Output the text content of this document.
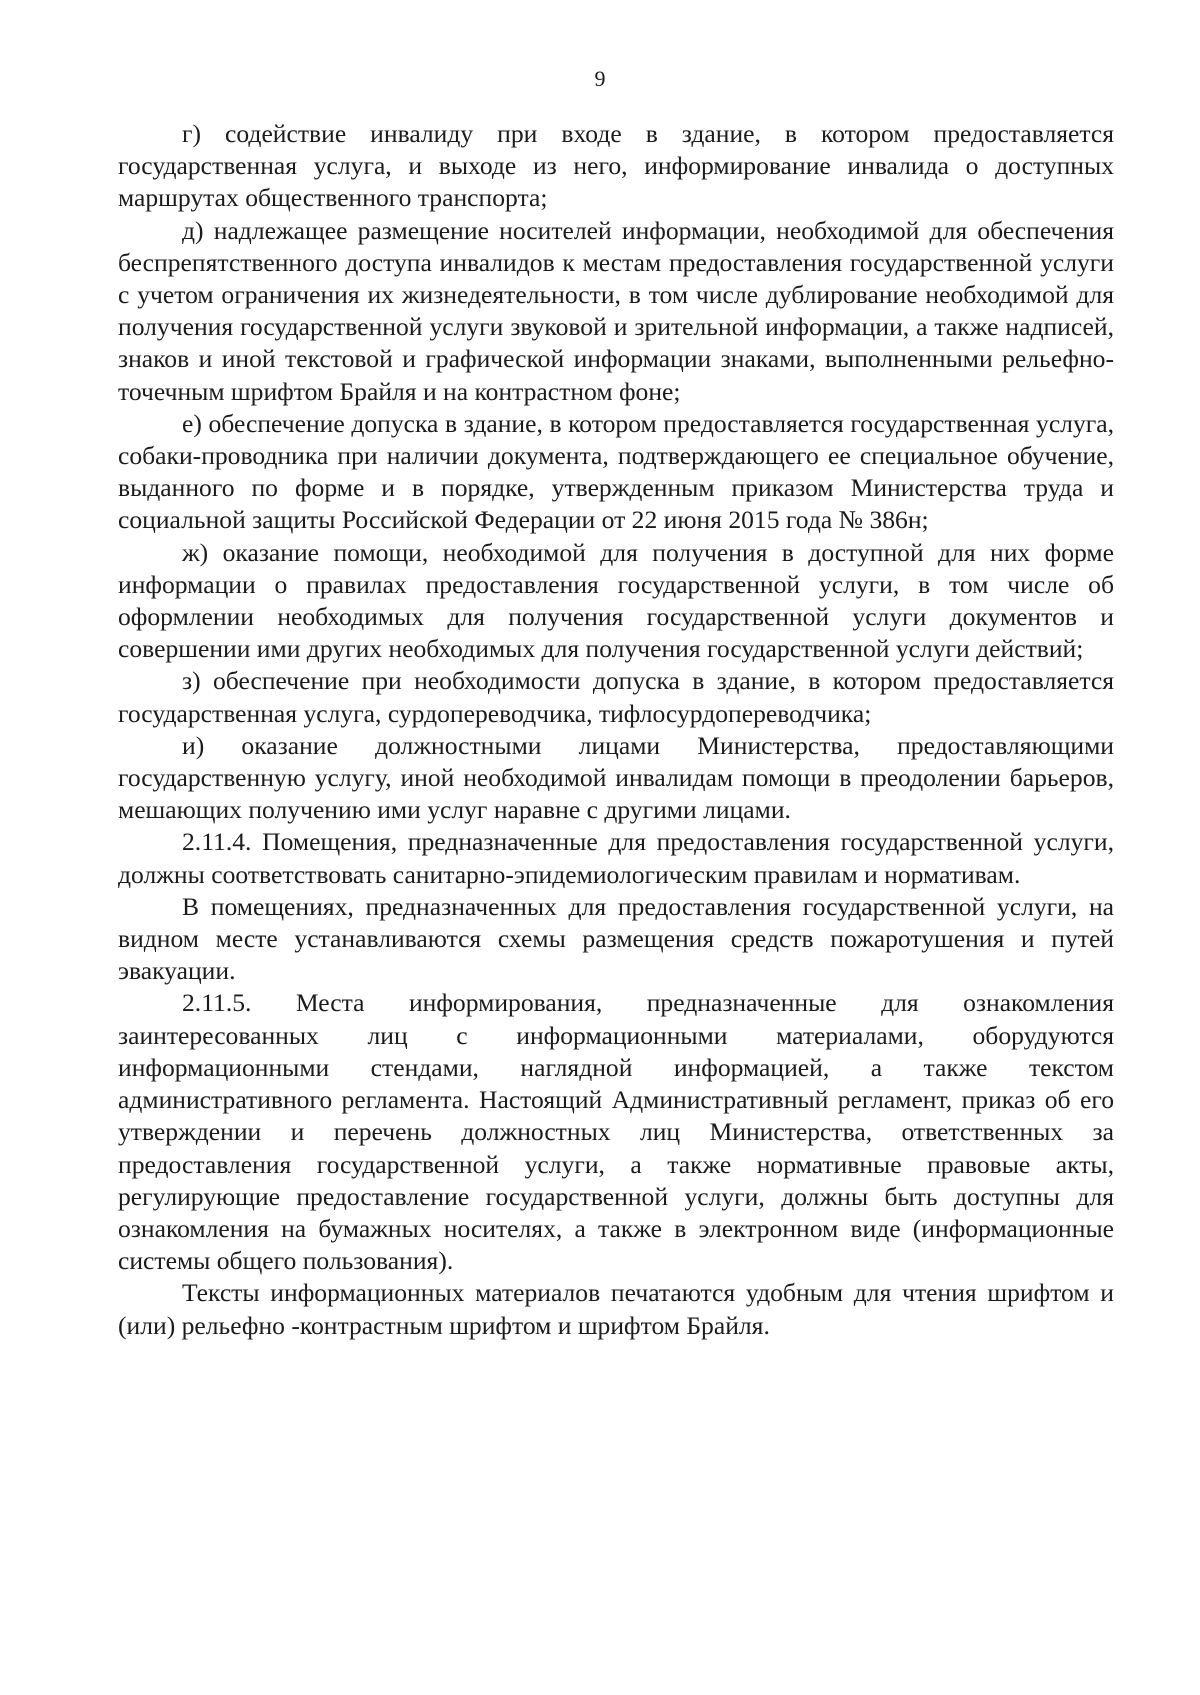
9

г) содействие инвалиду при входе в здание, в котором предоставляется государственная услуга, и выходе из него, информирование инвалида о доступных маршрутах общественного транспорта;

д) надлежащее размещение носителей информации, необходимой для обеспечения беспрепятственного доступа инвалидов к местам предоставления государственной услуги с учетом ограничения их жизнедеятельности, в том числе дублирование необходимой для получения государственной услуги звуковой и зрительной информации, а также надписей, знаков и иной текстовой и графической информации знаками, выполненными рельефно-точечным шрифтом Брайля и на контрастном фоне;

е) обеспечение допуска в здание, в котором предоставляется государственная услуга, собаки-проводника при наличии документа, подтверждающего ее специальное обучение, выданного по форме и в порядке, утвержденным приказом Министерства труда и социальной защиты Российской Федерации от 22 июня 2015 года № 386н;

ж) оказание помощи, необходимой для получения в доступной для них форме информации о правилах предоставления государственной услуги, в том числе об оформлении необходимых для получения государственной услуги документов и совершении ими других необходимых для получения государственной услуги действий;

з) обеспечение при необходимости допуска в здание, в котором предоставляется государственная услуга, сурдопереводчика, тифлосурдопереводчика;

и) оказание должностными лицами Министерства, предоставляющими государственную услугу, иной необходимой инвалидам помощи в преодолении барьеров, мешающих получению ими услуг наравне с другими лицами.

2.11.4. Помещения, предназначенные для предоставления государственной услуги, должны соответствовать санитарно-эпидемиологическим правилам и нормативам.

В помещениях, предназначенных для предоставления государственной услуги, на видном месте устанавливаются схемы размещения средств пожаротушения и путей эвакуации.

2.11.5. Места информирования, предназначенные для ознакомления заинтересованных лиц с информационными материалами, оборудуются информационными стендами, наглядной информацией, а также текстом административного регламента. Настоящий Административный регламент, приказ об его утверждении и перечень должностных лиц Министерства, ответственных за предоставления государственной услуги, а также нормативные правовые акты, регулирующие предоставление государственной услуги, должны быть доступны для ознакомления на бумажных носителях, а также в электронном виде (информационные системы общего пользования).

Тексты информационных материалов печатаются удобным для чтения шрифтом и (или) рельефно -контрастным шрифтом и шрифтом Брайля.
